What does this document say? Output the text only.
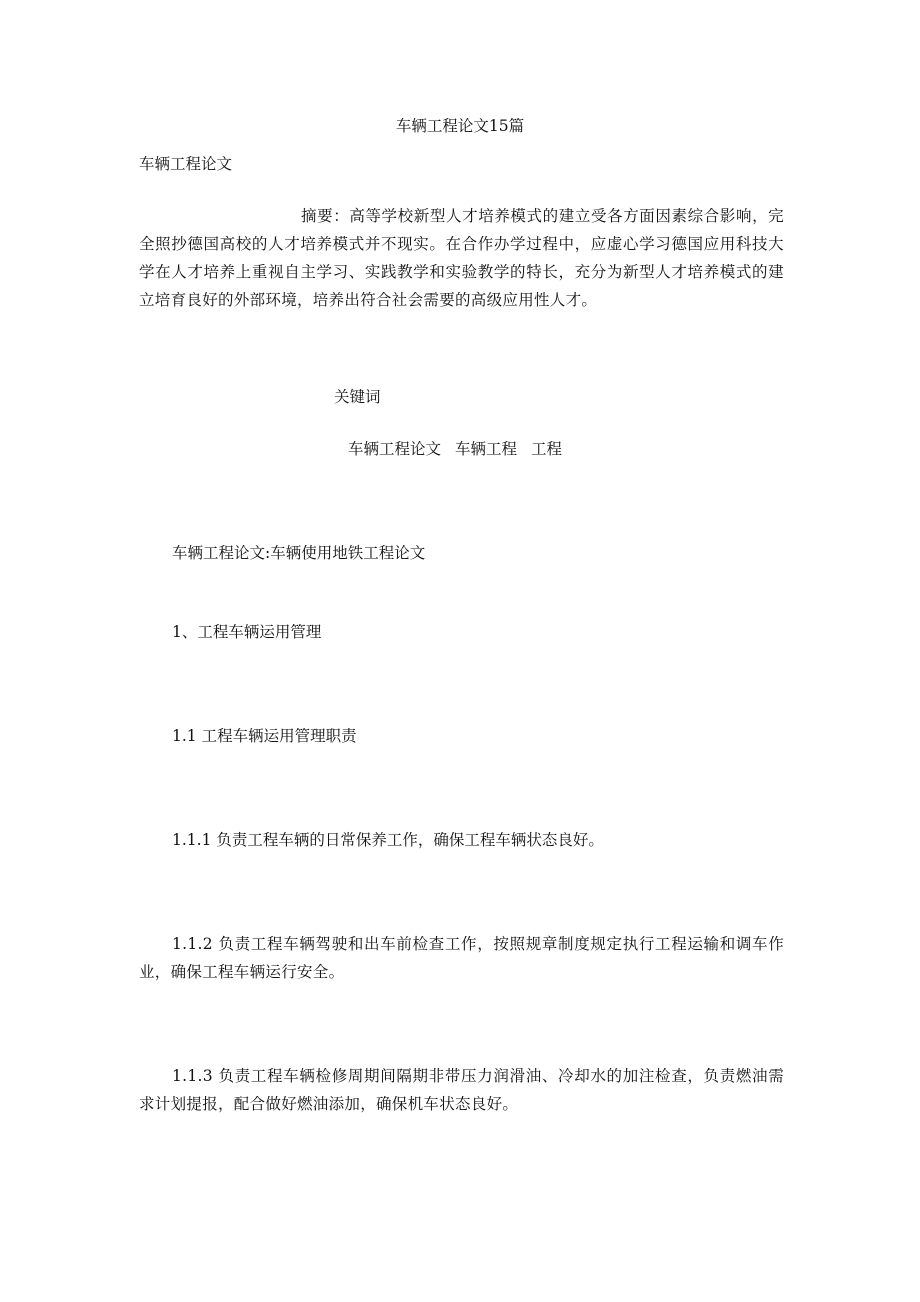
车辆工程论文15篇
车辆工程论文
摘要：高等学校新型人才培养模式的建立受各方面因素综合影响，完全照抄德国高校的人才培养模式并不现实。在合作办学过程中，应虚心学习德国应用科技大学在人才培养上重视自主学习、实践教学和实验教学的特长，充分为新型人才培养模式的建立培育良好的外部环境，培养出符合社会需要的高级应用性人才。
关键词
车辆工程论文 车辆工程 工程
车辆工程论文:车辆使用地铁工程论文
1、工程车辆运用管理
1.1 工程车辆运用管理职责
1.1.1 负责工程车辆的日常保养工作，确保工程车辆状态良好。
1.1.2 负责工程车辆驾驶和出车前检查工作，按照规章制度规定执行工程运输和调车作业，确保工程车辆运行安全。
1.1.3 负责工程车辆检修周期间隔期非带压力润滑油、冷却水的加注检查，负责燃油需求计划提报，配合做好燃油添加，确保机车状态良好。
